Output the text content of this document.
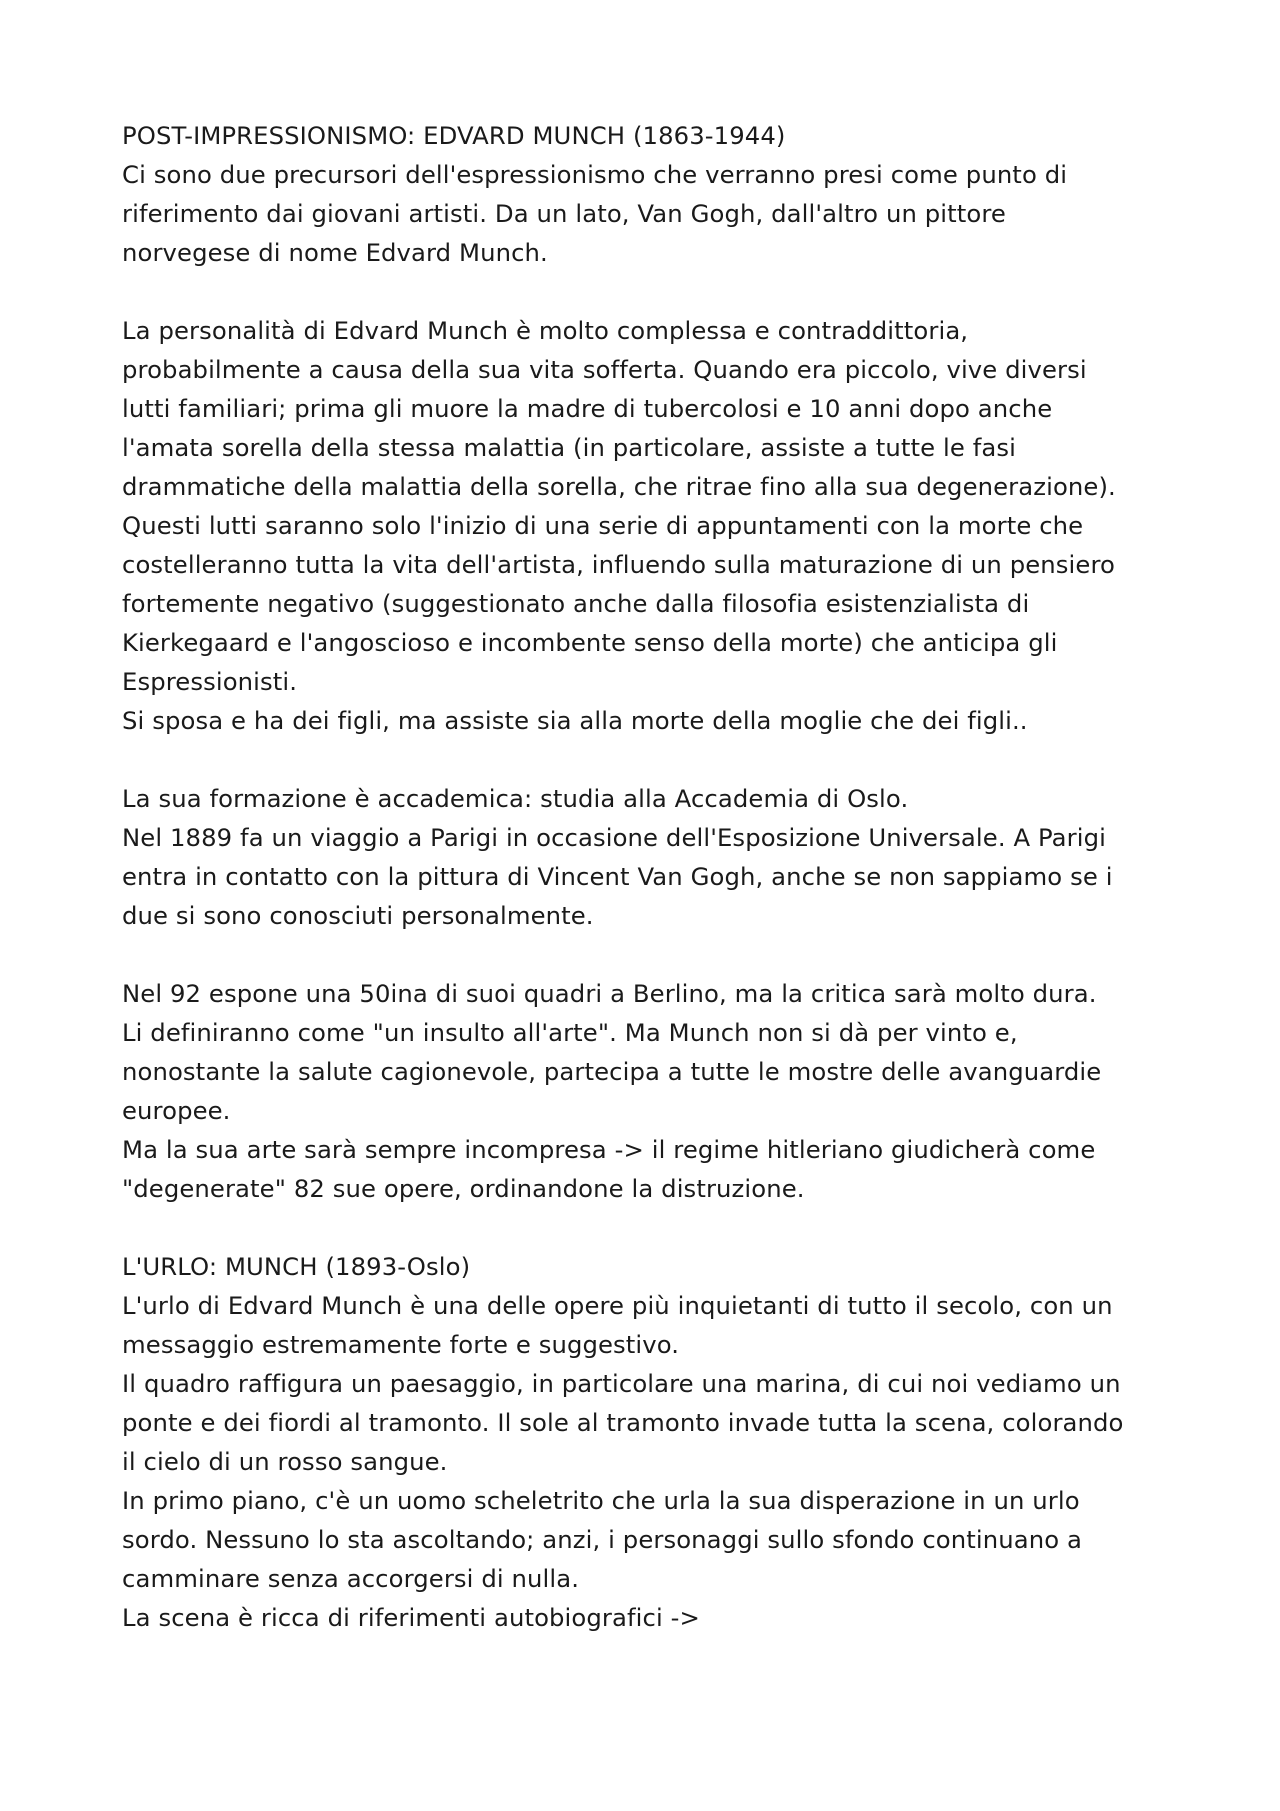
POST-IMPRESSIONISMO: EDVARD MUNCH (1863-1944)
Ci sono due precursori dell'espressionismo che verranno presi come punto di
riferimento dai giovani artisti. Da un lato, Van Gogh, dall'altro un pittore
norvegese di nome Edvard Munch.
La personalità di Edvard Munch è molto complessa e contraddittoria,
probabilmente a causa della sua vita sofferta. Quando era piccolo, vive diversi
lutti familiari; prima gli muore la madre di tubercolosi e 10 anni dopo anche
l'amata sorella della stessa malattia (in particolare, assiste a tutte le fasi
drammatiche della malattia della sorella, che ritrae fino alla sua degenerazione).
Questi lutti saranno solo l'inizio di una serie di appuntamenti con la morte che
costelleranno tutta la vita dell'artista, influendo sulla maturazione di un pensiero
fortemente negativo (suggestionato anche dalla filosofia esistenzialista di
Kierkegaard e l'angoscioso e incombente senso della morte) che anticipa gli
Espressionisti.
Si sposa e ha dei figli, ma assiste sia alla morte della moglie che dei figli..
La sua formazione è accademica: studia alla Accademia di Oslo.
Nel 1889 fa un viaggio a Parigi in occasione dell'Esposizione Universale. A Parigi
entra in contatto con la pittura di Vincent Van Gogh, anche se non sappiamo se i
due si sono conosciuti personalmente.
Nel 92 espone una 50ina di suoi quadri a Berlino, ma la critica sarà molto dura.
Li definiranno come "un insulto all'arte". Ma Munch non si dà per vinto e,
nonostante la salute cagionevole, partecipa a tutte le mostre delle avanguardie
europee.
Ma la sua arte sarà sempre incompresa -> il regime hitleriano giudicherà come
"degenerate" 82 sue opere, ordinandone la distruzione.
L'URLO: MUNCH (1893-Oslo)
L'urlo di Edvard Munch è una delle opere più inquietanti di tutto il secolo, con un
messaggio estremamente forte e suggestivo.
Il quadro raffigura un paesaggio, in particolare una marina, di cui noi vediamo un
ponte e dei fiordi al tramonto. Il sole al tramonto invade tutta la scena, colorando
il cielo di un rosso sangue.
In primo piano, c'è un uomo scheletrito che urla la sua disperazione in un urlo
sordo. Nessuno lo sta ascoltando; anzi, i personaggi sullo sfondo continuano a
camminare senza accorgersi di nulla.
La scena è ricca di riferimenti autobiografici ->
